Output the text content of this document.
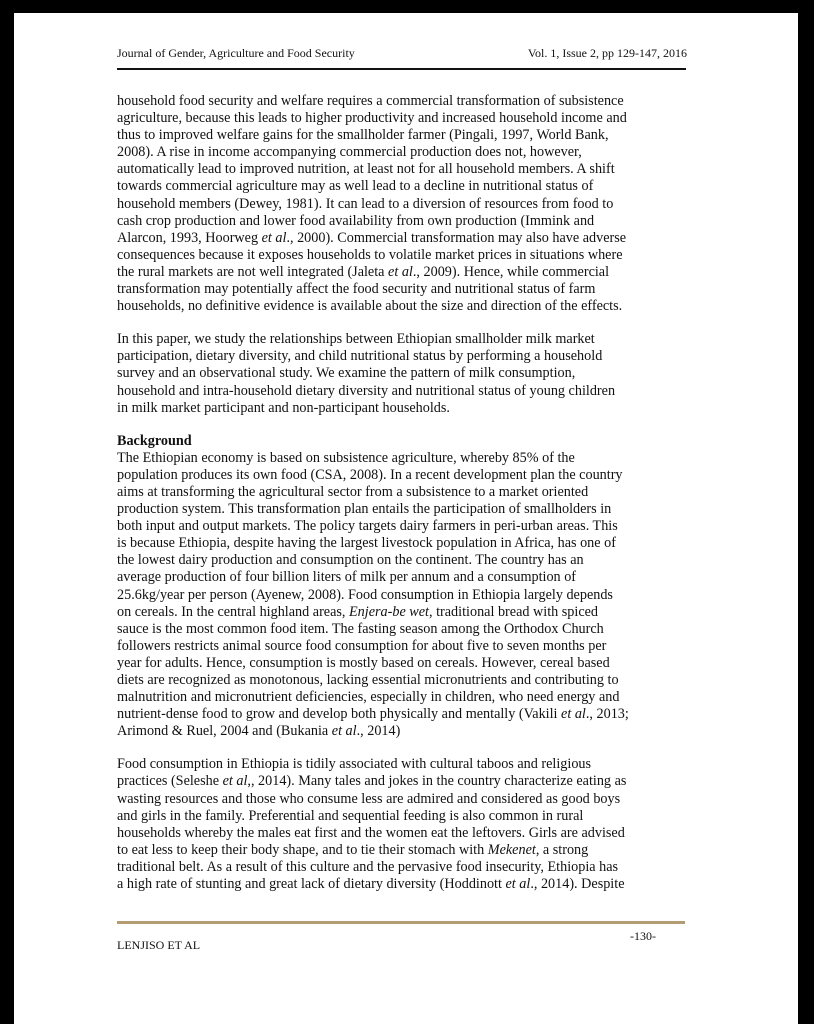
Journal of Gender, Agriculture and Food Security	Vol. 1, Issue 2, pp 129-147, 2016

household food security and welfare requires a commercial transformation of subsistence

agriculture, because this leads to higher productivity and increased household income and

thus to improved welfare gains for the smallholder farmer (Pingali, 1997, World Bank,

2008). A rise in income accompanying commercial production does not, however,

automatically lead to improved nutrition, at least not for all household members. A shift

towards commercial agriculture may as well lead to a decline in nutritional status of

household members (Dewey, 1981). It can lead to a diversion of resources from food to

cash crop production and lower food availability from own production (Immink and

Alarcon, 1993, Hoorweg et al., 2000). Commercial transformation may also have adverse

consequences because it exposes households to volatile market prices in situations where

the rural markets are not well integrated (Jaleta et al., 2009). Hence, while commercial

transformation may potentially affect the food security and nutritional status of farm

households, no definitive evidence is available about the size and direction of the effects.

In this paper, we study the relationships between Ethiopian smallholder milk market

participation, dietary diversity, and child nutritional status by performing a household

survey and an observational study. We examine the pattern of milk consumption,

household and intra-household dietary diversity and nutritional status of young children

in milk market participant and non-participant households.

Background

The Ethiopian economy is based on subsistence agriculture, whereby 85% of the

population produces its own food (CSA, 2008). In a recent development plan the country

aims at transforming the agricultural sector from a subsistence to a market oriented

production system. This transformation plan entails the participation of smallholders in

both input and output markets. The policy targets dairy farmers in peri-urban areas. This

is because Ethiopia, despite having the largest livestock population in Africa, has one of

the lowest dairy production and consumption on the continent. The country has an

average production of four billion liters of milk per annum and a consumption of

25.6kg/year per person (Ayenew, 2008). Food consumption in Ethiopia largely depends

on cereals. In the central highland areas, Enjera-be wet, traditional bread with spiced

sauce is the most common food item. The fasting season among the Orthodox Church

followers restricts animal source food consumption for about five to seven months per

year for adults. Hence, consumption is mostly based on cereals. However, cereal based

diets are recognized as monotonous, lacking essential micronutrients and contributing to

malnutrition and micronutrient deficiencies, especially in children, who need energy and

nutrient-dense food to grow and develop both physically and mentally (Vakili et al., 2013;

Arimond & Ruel, 2004 and (Bukania et al., 2014)

Food consumption in Ethiopia is tidily associated with cultural taboos and religious

practices (Seleshe et al,, 2014). Many tales and jokes in the country characterize eating as

wasting resources and those who consume less are admired and considered as good boys

and girls in the family. Preferential and sequential feeding is also common in rural

households whereby the males eat first and the women eat the leftovers. Girls are advised

to eat less to keep their body shape, and to tie their stomach with Mekenet, a strong

traditional belt. As a result of this culture and the pervasive food insecurity, Ethiopia has

a high rate of stunting and great lack of dietary diversity (Hoddinott et al., 2014). Despite

-130-
LENJISO ET AL
